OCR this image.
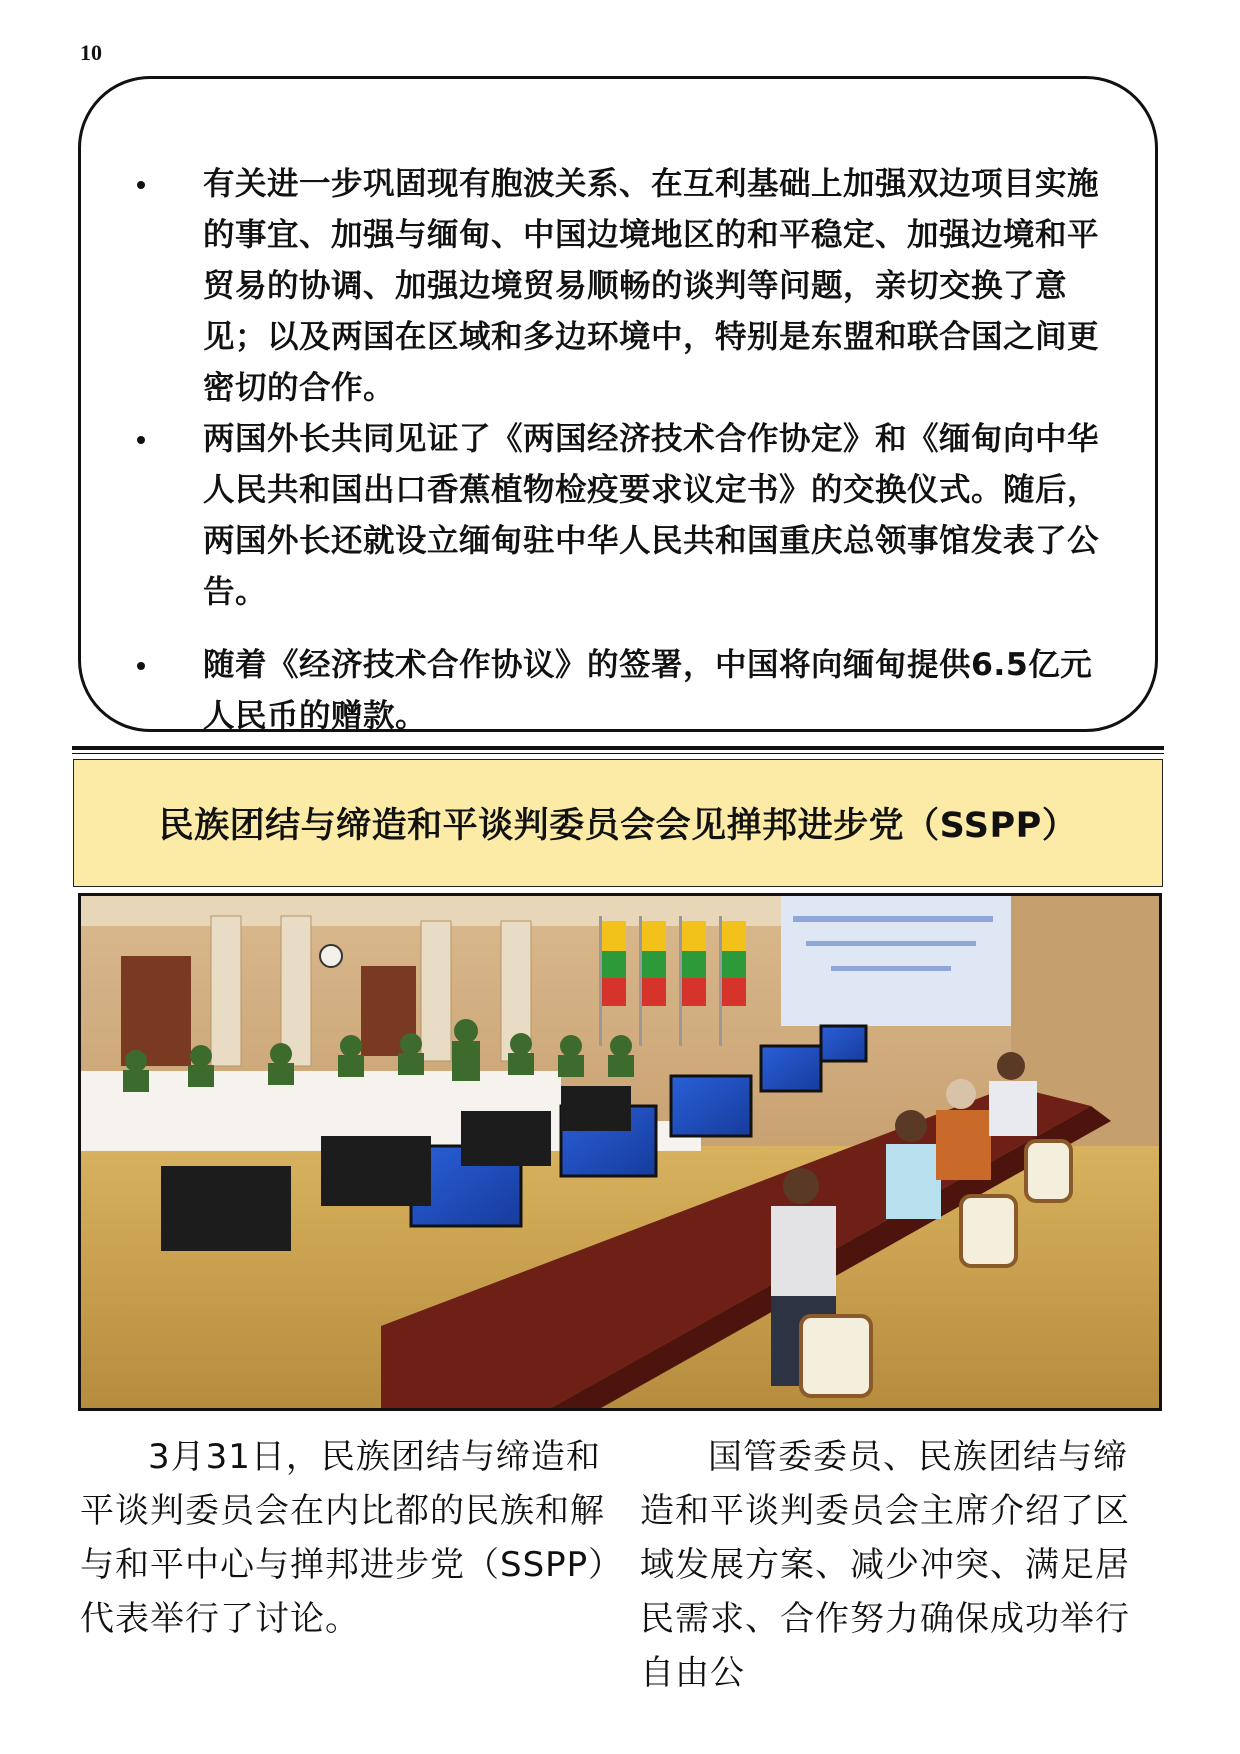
10
有关进一步巩固现有胞波关系、在互利基础上加强双边项目实施的事宜、加强与缅甸、中国边境地区的和平稳定、加强边境和平贸易的协调、加强边境贸易顺畅的谈判等问题，亲切交换了意见；以及两国在区域和多边环境中，特别是东盟和联合国之间更密切的合作。
两国外长共同见证了《两国经济技术合作协定》和《缅甸向中华人民共和国出口香蕉植物检疫要求议定书》的交换仪式。随后，两国外长还就设立缅甸驻中华人民共和国重庆总领事馆发表了公告。
随着《经济技术合作协议》的签署，中国将向缅甸提供6.5亿元人民币的赠款。
民族团结与缔造和平谈判委员会会见掸邦进步党（SSPP）

3月31日，民族团结与缔造和平谈判委员会在内比都的民族和解与和平中心与掸邦进步党（SSPP）代表举行了讨论。

国管委委员、民族团结与缔造和平谈判委员会主席介绍了区域发展方案、减少冲突、满足居民需求、合作努力确保成功举行自由公
